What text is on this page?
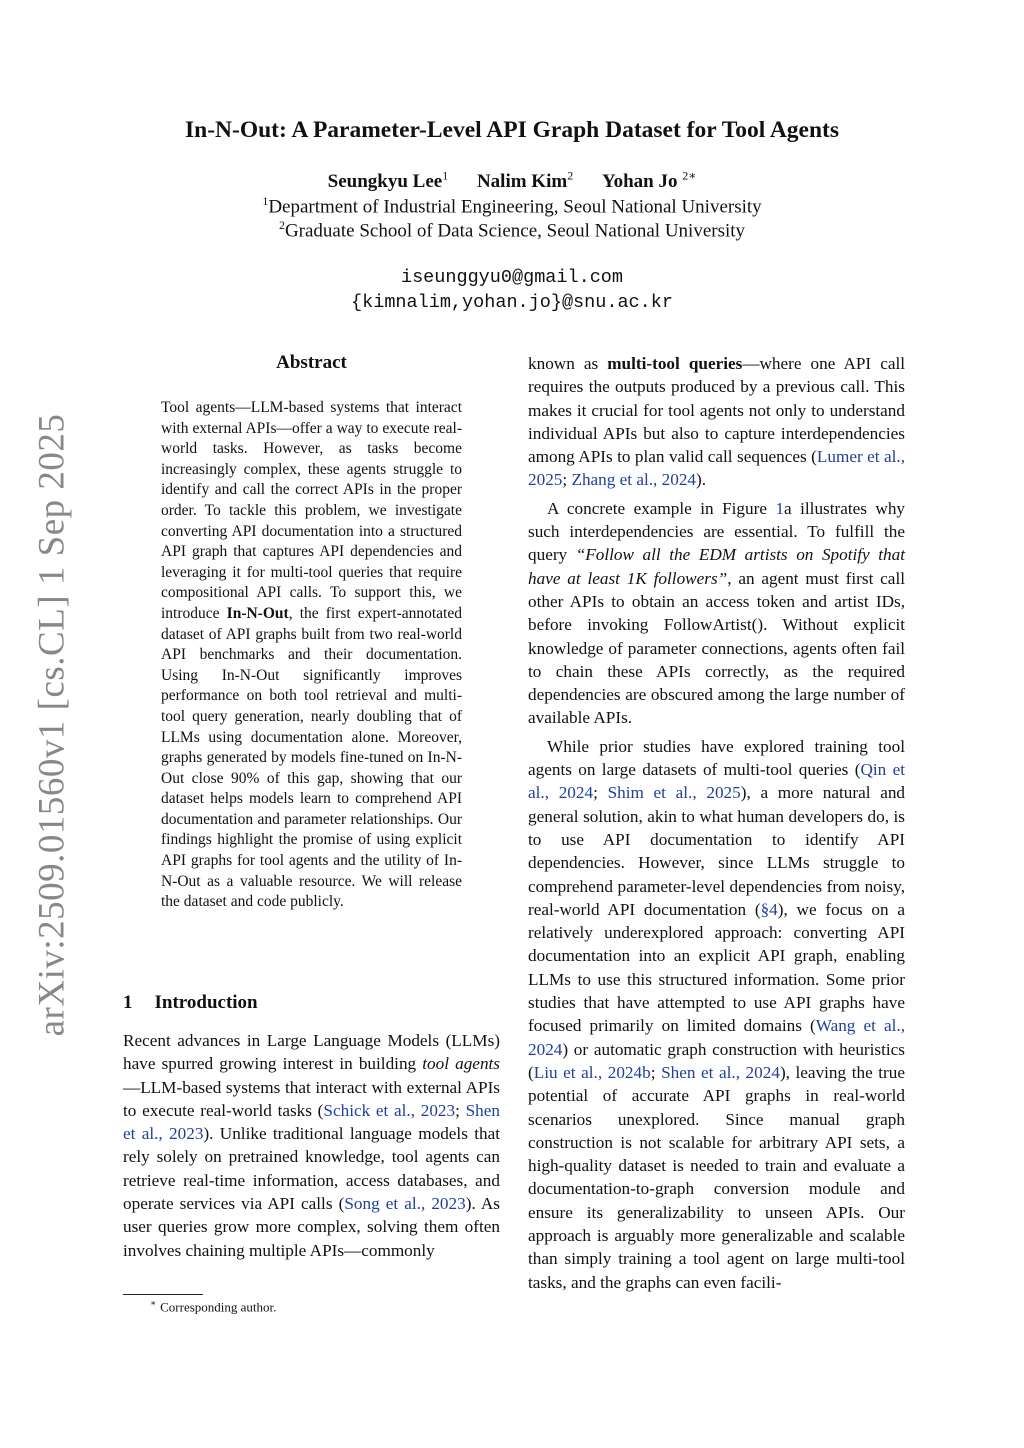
arXiv:2509.01560v1 [cs.CL] 1 Sep 2025
In-N-Out: A Parameter-Level API Graph Dataset for Tool Agents
Seungkyu Lee$^1$ Nalim Kim$^2$ Yohan Jo $^{2∗}$
$^1$Department of Industrial Engineering, Seoul National University
$^2$Graduate School of Data Science, Seoul National University
iseunggyu0@gmail.com
{kimnalim,yohan.jo}@snu.ac.kr
Abstract

Tool agents—LLM-based systems that interact with external APIs—offer a way to execute real-world tasks. However, as tasks become increasingly complex, these agents struggle to identify and call the correct APIs in the proper order. To tackle this problem, we investigate converting API documentation into a structured API graph that captures API dependencies and leveraging it for multi-tool queries that require compositional API calls. To support this, we introduce In-N-Out, the first expert-annotated dataset of API graphs built from two real-world API benchmarks and their documentation. Using In-N-Out significantly improves performance on both tool retrieval and multi-tool query generation, nearly doubling that of LLMs using documentation alone. Moreover, graphs generated by models fine-tuned on In-N-Out close 90% of this gap, showing that our dataset helps models learn to comprehend API documentation and parameter relationships. Our findings highlight the promise of using explicit API graphs for tool agents and the utility of In-N-Out as a valuable resource. We will release the dataset and code publicly.

1 Introduction

Recent advances in Large Language Models (LLMs) have spurred growing interest in building tool agents—LLM-based systems that interact with external APIs to execute real-world tasks (Schick et al., 2023; Shen et al., 2023). Unlike traditional language models that rely solely on pretrained knowledge, tool agents can retrieve real-time information, access databases, and operate services via API calls (Song et al., 2023). As user queries grow more complex, solving them often involves chaining multiple APIs—commonly

∗ Corresponding author.

known as multi-tool queries—where one API call requires the outputs produced by a previous call. This makes it crucial for tool agents not only to understand individual APIs but also to capture interdependencies among APIs to plan valid call sequences (Lumer et al., 2025; Zhang et al., 2024).

A concrete example in Figure 1a illustrates why such interdependencies are essential. To fulfill the query “Follow all the EDM artists on Spotify that have at least 1K followers”, an agent must first call other APIs to obtain an access token and artist IDs, before invoking FollowArtist(). Without explicit knowledge of parameter connections, agents often fail to chain these APIs correctly, as the required dependencies are obscured among the large number of available APIs.

While prior studies have explored training tool agents on large datasets of multi-tool queries (Qin et al., 2024; Shim et al., 2025), a more natural and general solution, akin to what human developers do, is to use API documentation to identify API dependencies. However, since LLMs struggle to comprehend parameter-level dependencies from noisy, real-world API documentation (§4), we focus on a relatively underexplored approach: converting API documentation into an explicit API graph, enabling LLMs to use this structured information. Some prior studies that have attempted to use API graphs have focused primarily on limited domains (Wang et al., 2024) or automatic graph construction with heuristics (Liu et al., 2024b; Shen et al., 2024), leaving the true potential of accurate API graphs in real-world scenarios unexplored. Since manual graph construction is not scalable for arbitrary API sets, a high-quality dataset is needed to train and evaluate a documentation-to-graph conversion module and ensure its generalizability to unseen APIs. Our approach is arguably more generalizable and scalable than simply training a tool agent on large multi-tool tasks, and the graphs can even facili-
